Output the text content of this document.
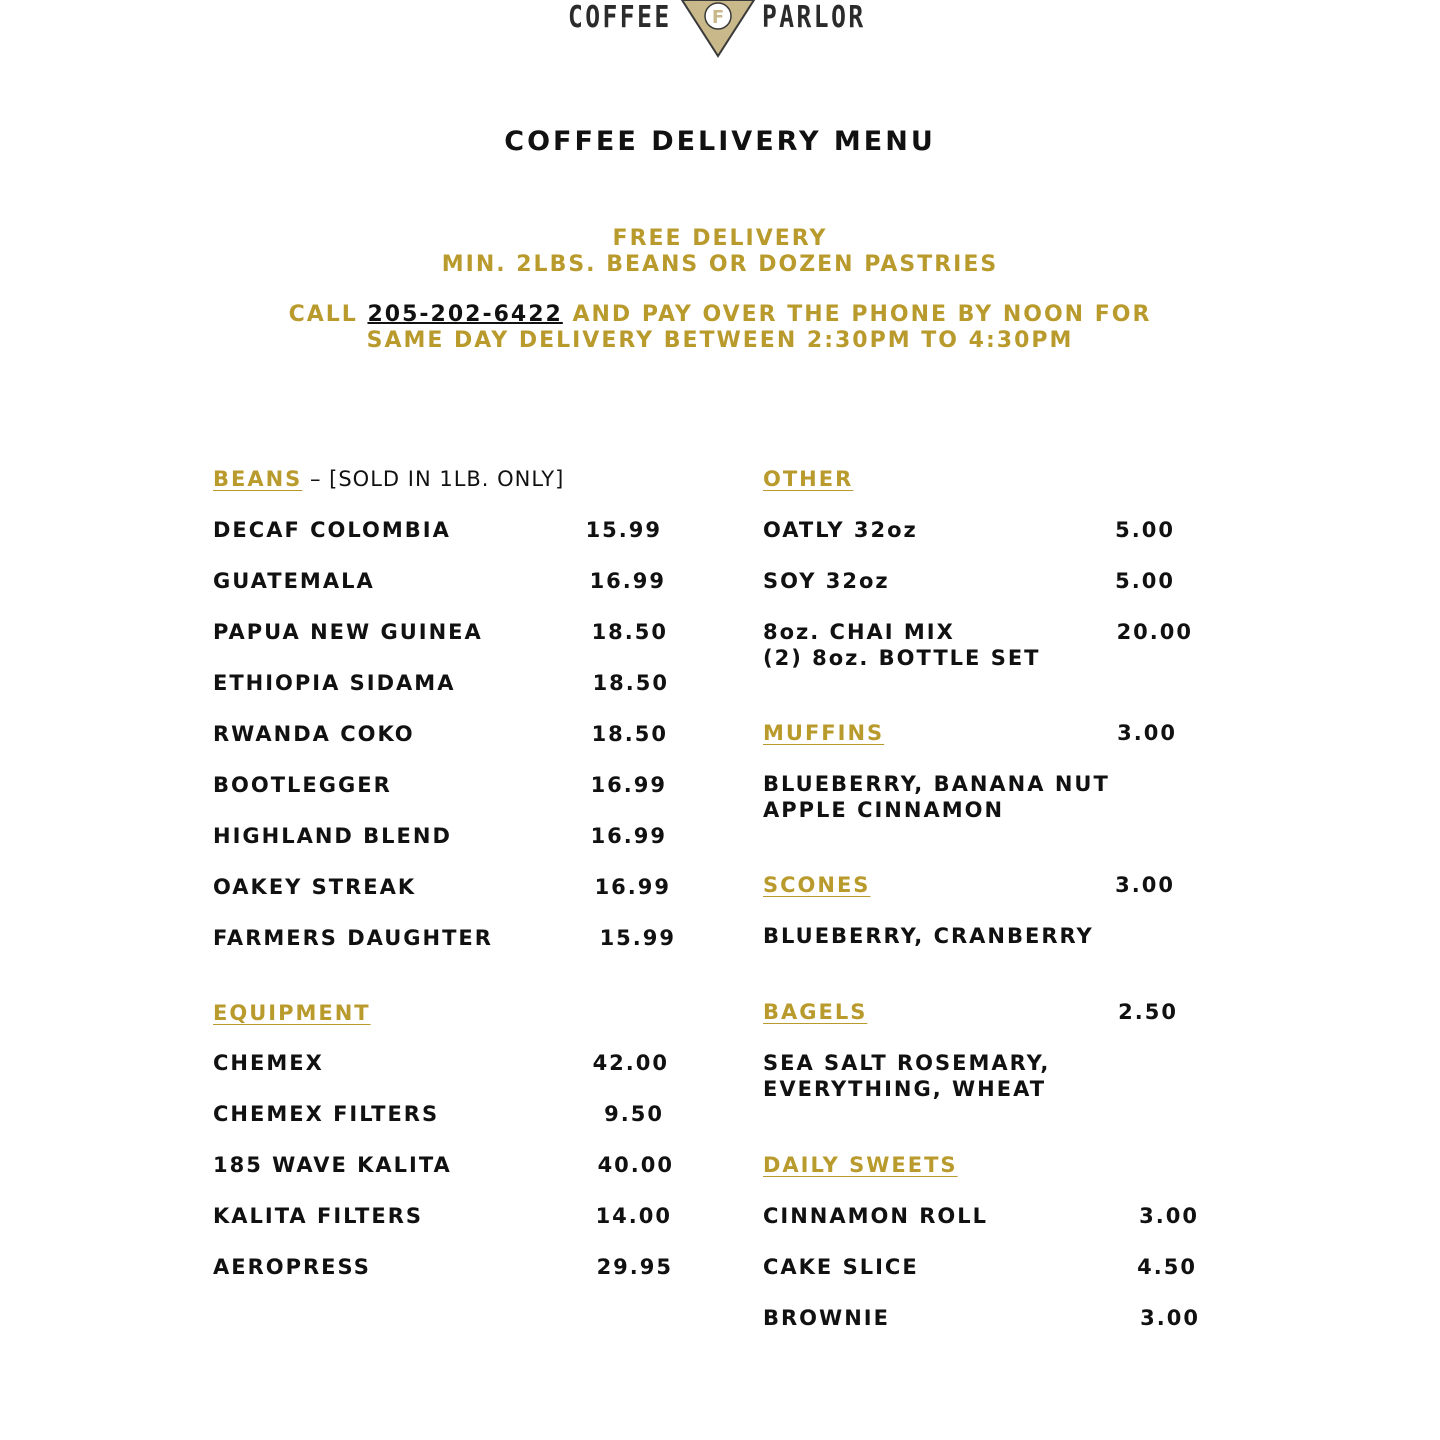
COFFEE F PARLOR
COFFEE DELIVERY MENU
FREE DELIVERY
MIN. 2LBS. BEANS OR DOZEN PASTRIES
CALL 205-202-6422 AND PAY OVER THE PHONE BY NOON FOR
SAME DAY DELIVERY BETWEEN 2:30PM TO 4:30PM
BEANS – [SOLD IN 1LB. ONLY]
DECAF COLOMBIA	15.99
GUATEMALA	16.99
PAPUA NEW GUINEA	18.50
ETHIOPIA SIDAMA	18.50
RWANDA COKO	18.50
BOOTLEGGER	16.99
HIGHLAND BLEND	16.99
OAKEY STREAK	16.99
FARMERS DAUGHTER	15.99
EQUIPMENT
CHEMEX	42.00
CHEMEX FILTERS	9.50
185 WAVE KALITA	40.00
KALITA FILTERS	14.00
AEROPRESS	29.95
OTHER
OATLY 32oz	5.00
SOY 32oz	5.00
8oz. CHAI MIX	20.00
(2) 8oz. BOTTLE SET
MUFFINS	3.00
BLUEBERRY, BANANA NUT
APPLE CINNAMON
SCONES	3.00
BLUEBERRY, CRANBERRY
BAGELS	2.50
SEA SALT ROSEMARY,
EVERYTHING, WHEAT
DAILY SWEETS
CINNAMON ROLL	3.00
CAKE SLICE	4.50
BROWNIE	3.00
